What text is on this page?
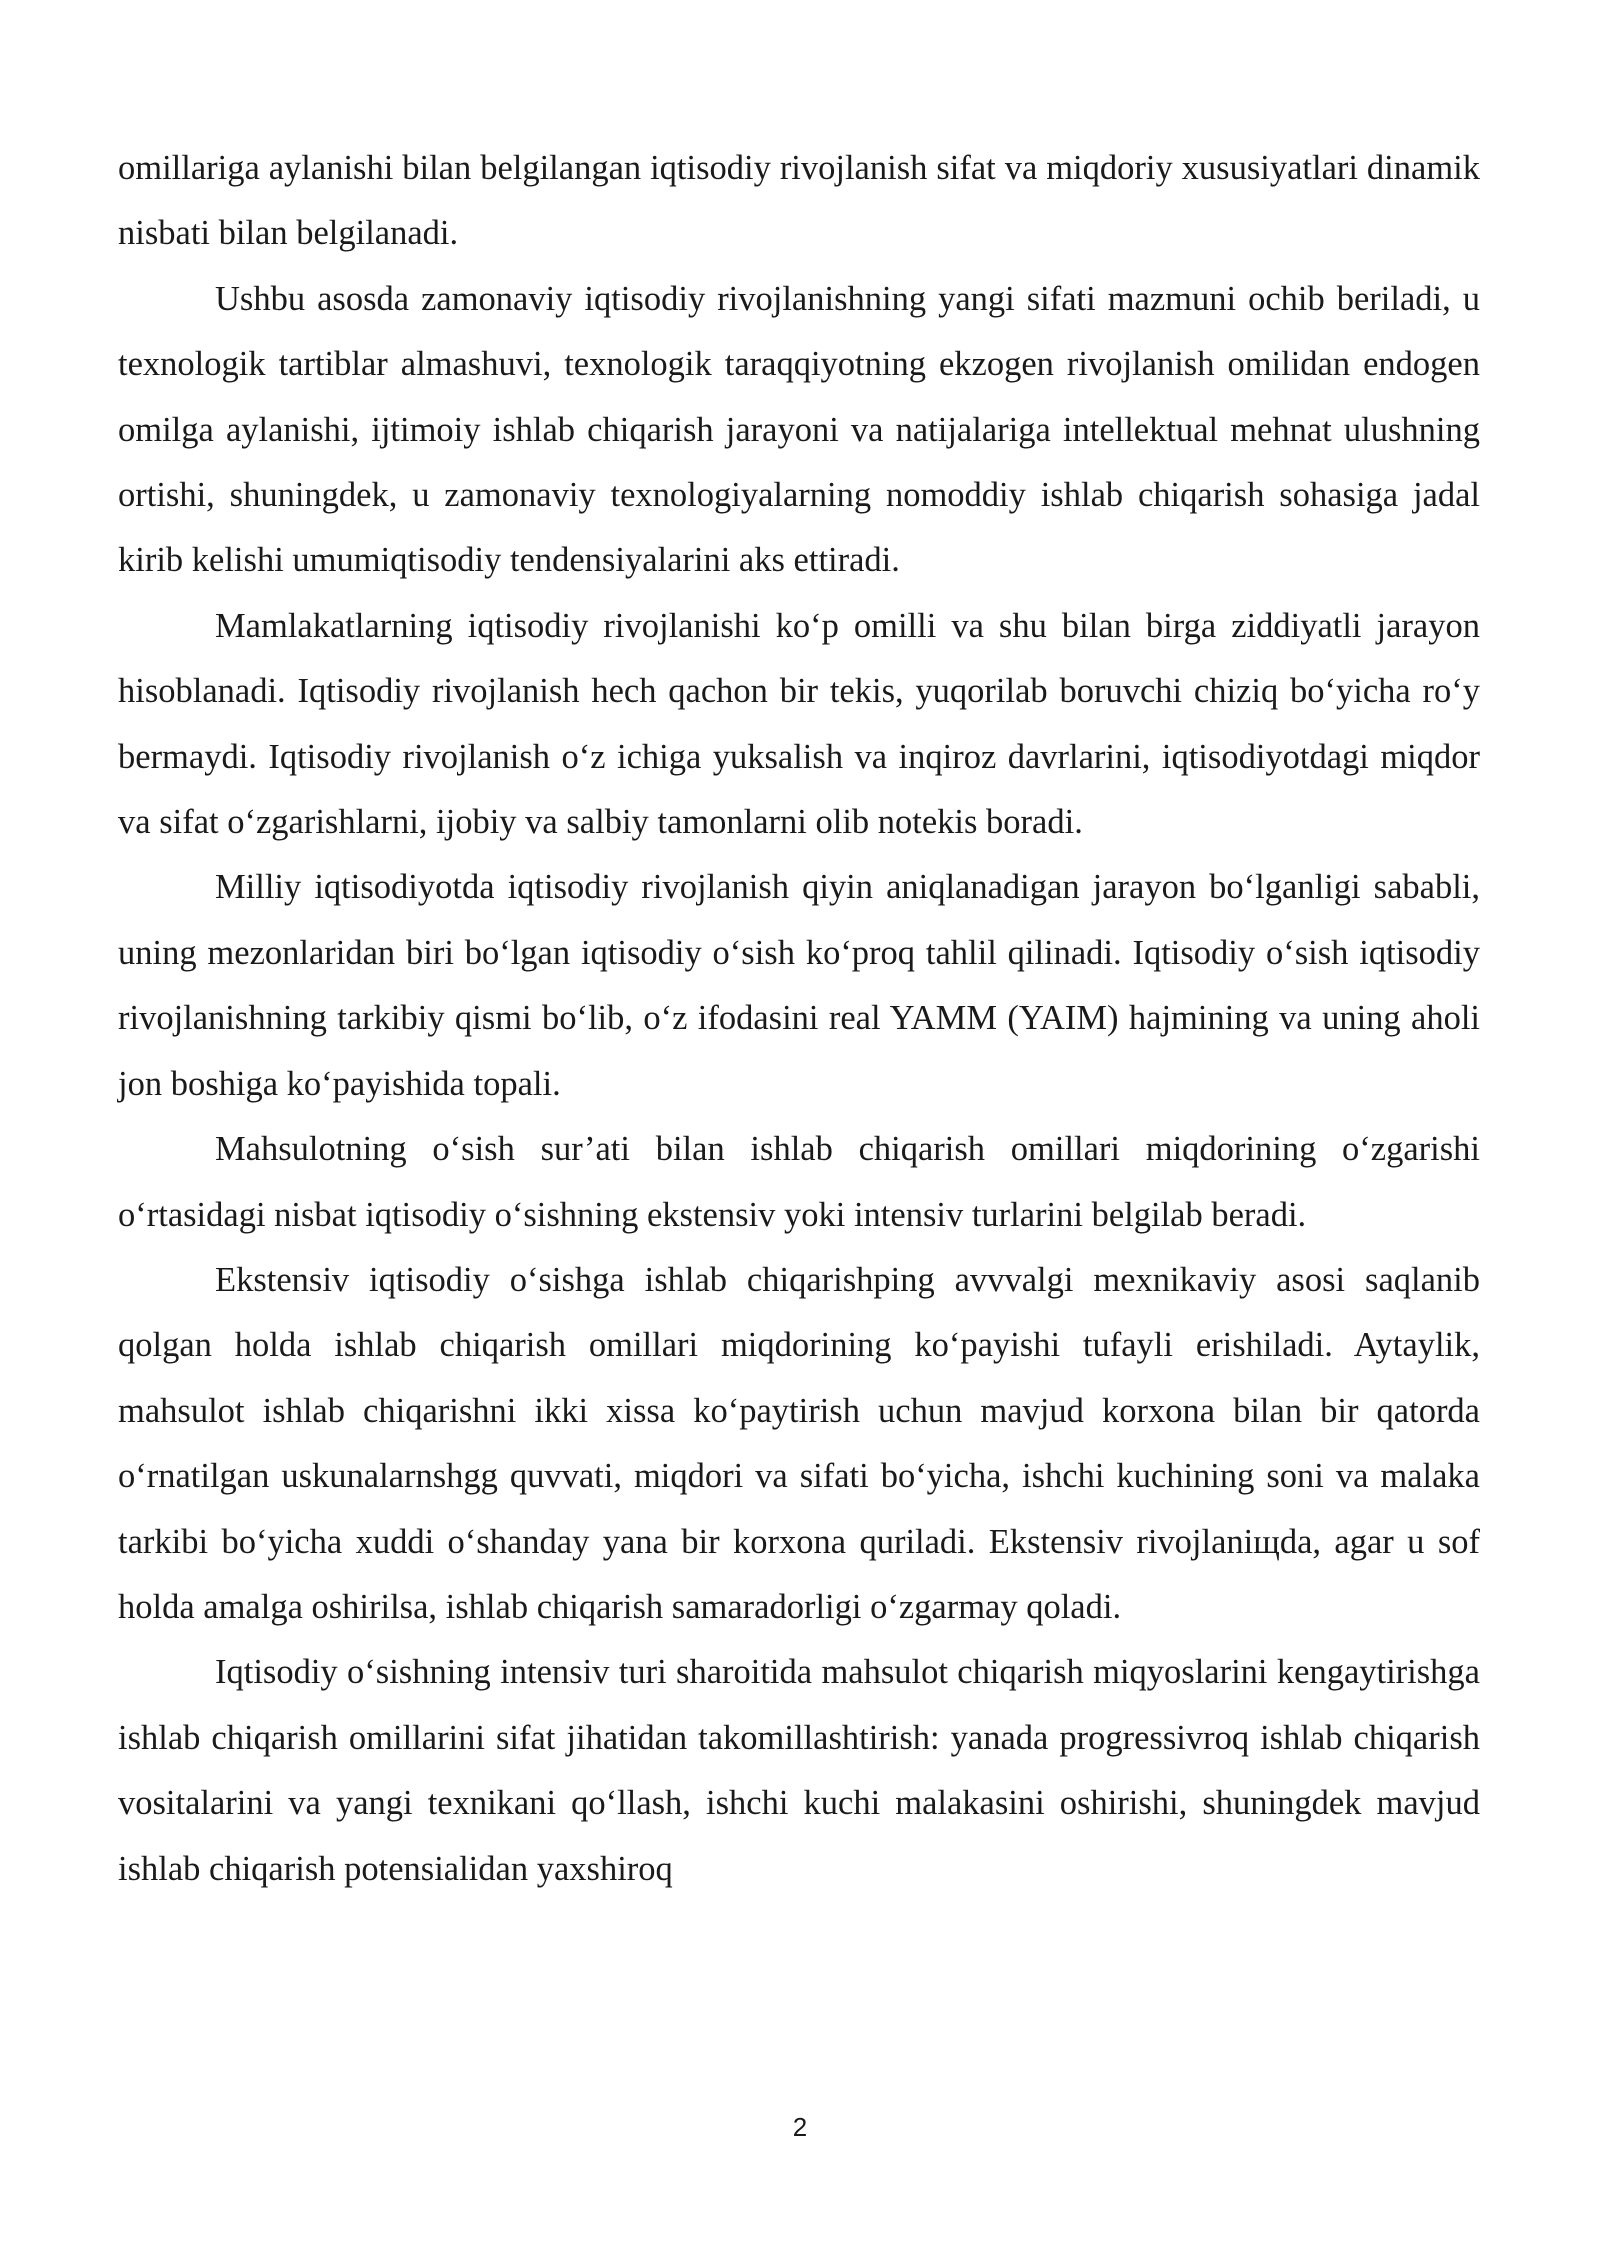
omillariga aylanishi bilan belgilangan iqtisodiy rivojlanish sifat va miqdoriy xususiyatlari dinamik nisbati bilan belgilanadi.

Ushbu asosda zamonaviy iqtisodiy rivojlanishning yangi sifati mazmuni ochib beriladi, u texnologik tartiblar almashuvi, texnologik taraqqiyotning ekzogen rivojlanish omilidan endogen omilga aylanishi, ijtimoiy ishlab chiqarish jarayoni va natijalariga intellektual mehnat ulushning ortishi, shuningdek, u zamonaviy texnologiyalarning nomoddiy ishlab chiqarish sohasiga jadal kirib kelishi umumiqtisodiy tendensiyalarini aks ettiradi.

Mamlakatlarning iqtisodiy rivojlanishi ko‘p omilli va shu bilan birga ziddiyatli jarayon hisoblanadi. Iqtisodiy rivojlanish hech qachon bir tekis, yuqorilab boruvchi chiziq bo‘yicha ro‘y bermaydi. Iqtisodiy rivojlanish o‘z ichiga yuksalish va inqiroz davrlarini, iqtisodiyotdagi miqdor va sifat o‘zgarishlarni, ijobiy va salbiy tamonlarni olib notekis boradi.

Milliy iqtisodiyotda iqtisodiy rivojlanish qiyin aniqlanadigan jarayon bo‘lganligi sababli, uning mezonlaridan biri bo‘lgan iqtisodiy o‘sish ko‘proq tahlil qilinadi. Iqtisodiy o‘sish iqtisodiy rivojlanishning tarkibiy qismi bo‘lib, o‘z ifodasini real YAMM (YAIM) hajmining va uning aholi jon boshiga ko‘payishida topali.

Mahsulotning o‘sish sur’ati bilan ishlab chiqarish omillari miqdorining o‘zgarishi o‘rtasidagi nisbat iqtisodiy o‘sishning ekstensiv yoki intensiv turlarini belgilab beradi.

Ekstensiv iqtisodiy o‘sishga ishlab chiqarishping avvvalgi mexnikaviy asosi saqlanib qolgan holda ishlab chiqarish omillari miqdorining ko‘payishi tufayli erishiladi. Aytaylik, mahsulot ishlab chiqarishni ikki xissa ko‘paytirish uchun mavjud korxona bilan bir qatorda o‘rnatilgan uskunalarnshgg quvvati, miqdori va sifati bo‘yicha, ishchi kuchining soni va malaka tarkibi bo‘yicha xuddi o‘shanday yana bir korxona quriladi. Ekstensiv rivojlaniщda, agar u sof holda amalga oshirilsa, ishlab chiqarish samaradorligi o‘zgarmay qoladi.

Iqtisodiy o‘sishning intensiv turi sharoitida mahsulot chiqarish miqyoslarini kengaytirishga ishlab chiqarish omillarini sifat jihatidan takomillashtirish: yanada progressivroq ishlab chiqarish vositalarini va yangi texnikani qo‘llash, ishchi kuchi malakasini oshirishi, shuningdek mavjud ishlab chiqarish potensialidan yaxshiroq

2
